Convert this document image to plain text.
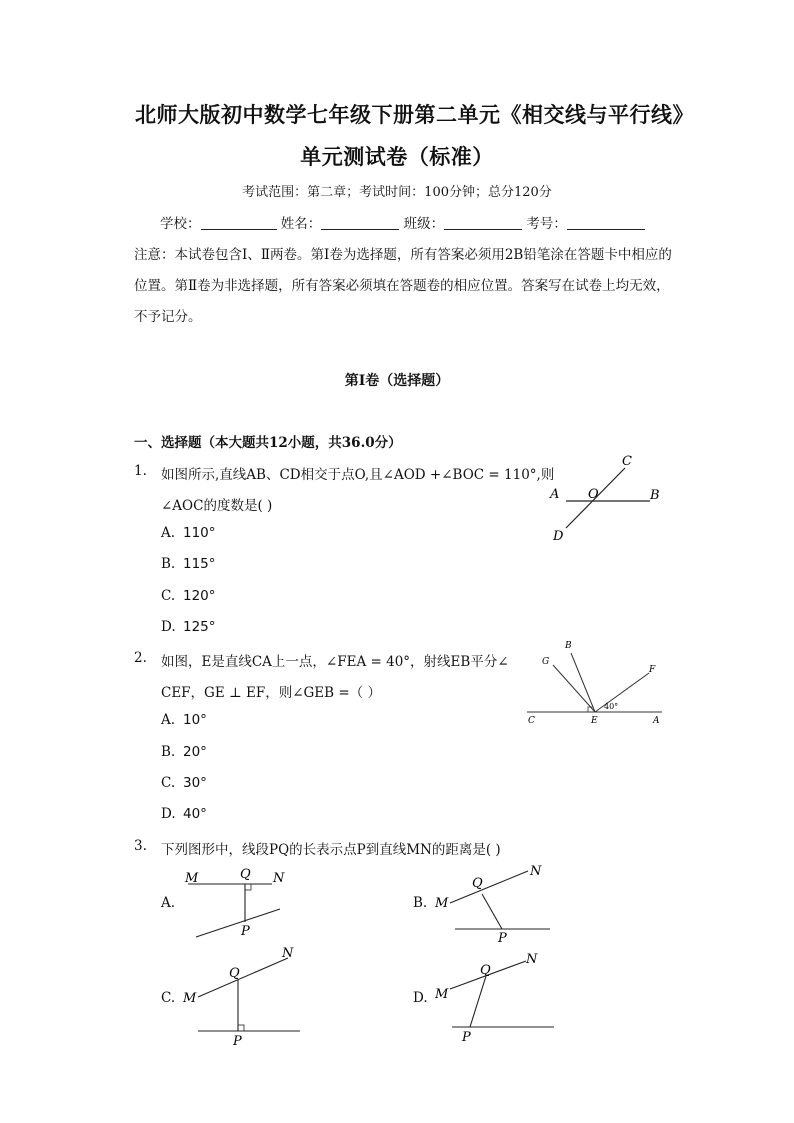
北师大版初中数学七年级下册第二单元《相交线与平行线》
单元测试卷（标准）
考试范围：第二章；考试时间：100分钟；总分120分
学校：	姓名：	班级：	考号：
注意：本试卷包含Ⅰ、Ⅱ两卷。第Ⅰ卷为选择题，所有答案必须用2B铅笔涂在答题卡中相应的位置。第Ⅱ卷为非选择题，所有答案必须填在答题卷的相应位置。答案写在试卷上均无效，不予记分。
第Ⅰ卷（选择题）
一、选择题（本大题共12小题，共36.0分）
1. 如图所示,直线AB、CD相交于点O,且∠AOD +∠BOC = 110°,则
∠AOC的度数是( )
A. 110°
B. 115°
C. 120°
D. 125°
C
A O	B
D
2. 如图，E是直线CA上一点，∠FEA = 40°，射线EB平分∠
CEF，GE ⊥ EF，则∠GEB =（ ）
A. 10°
B. 20°
C. 30°
D. 40°
B
G
F
40°
C	E	A
3. 下列图形中，线段PQ的长表示点P到直线MN的距离是( )
A.
M	Q N
P
B. M
Q
N
P
C. M
Q
N
P
D. M
Q
N
P
